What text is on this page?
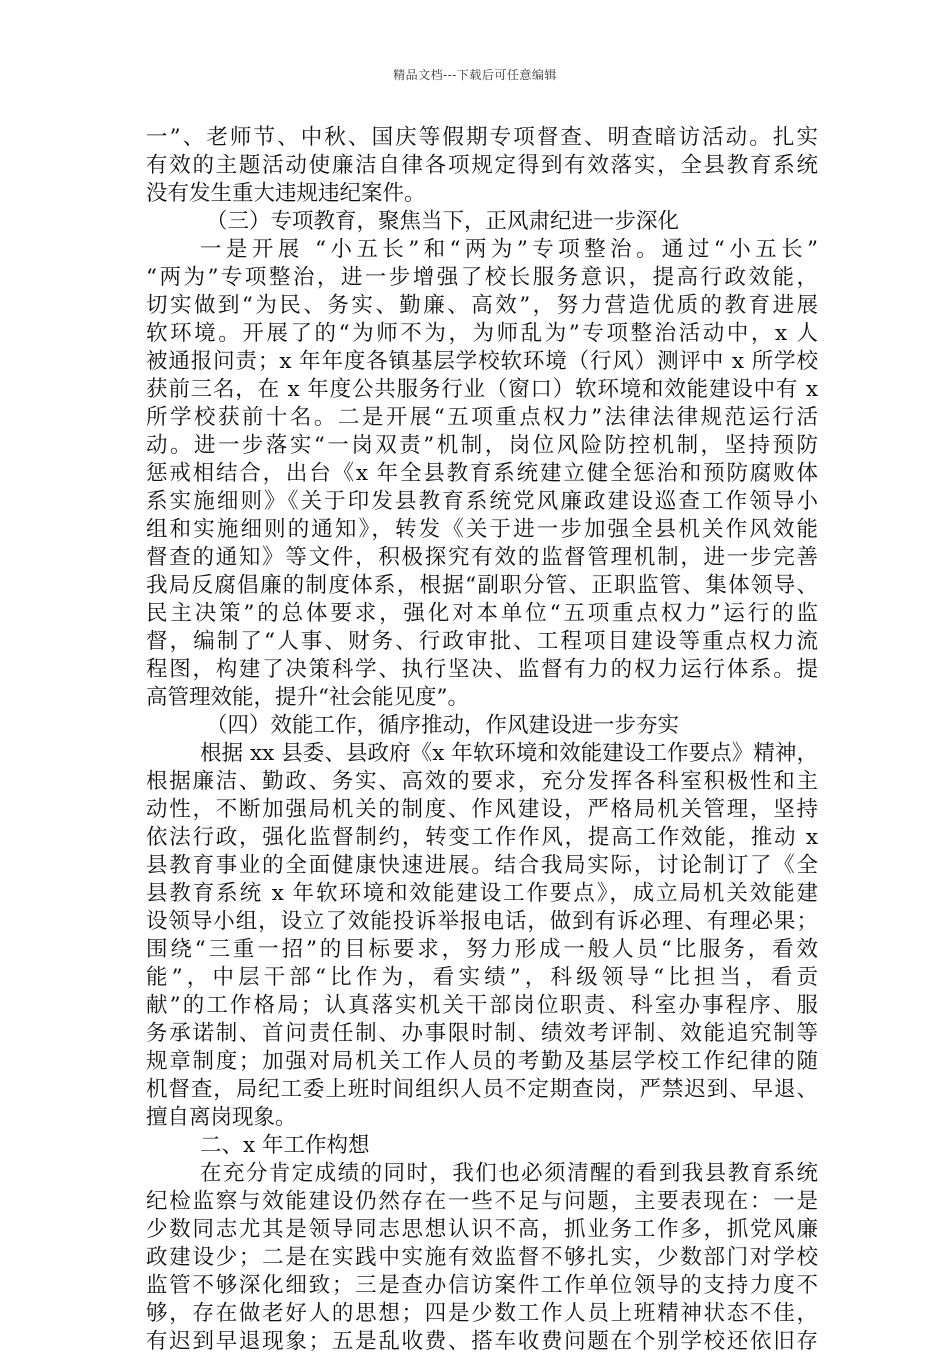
精品文档---下载后可任意编辑
一”、老师节、中秋、国庆等假期专项督查、明查暗访活动。扎实
有效的主题活动使廉洁自律各项规定得到有效落实，全县教育系统
没有发生重大违规违纪案件。
（三）专项教育，聚焦当下，正风肃纪进一步深化
一是开展 “小五长”和“两为”专项整治。通过“小五长”
“两为”专项整治，进一步增强了校长服务意识，提高行政效能，
切实做到“为民、务实、勤廉、高效”，努力营造优质的教育进展
软环境。开展了的“为师不为，为师乱为”专项整治活动中，x 人
被通报问责；x 年年度各镇基层学校软环境（行风）测评中 x 所学校
获前三名，在 x 年度公共服务行业（窗口）软环境和效能建设中有 x
所学校获前十名。二是开展“五项重点权力”法律法律规范运行活
动。进一步落实“一岗双责”机制，岗位风险防控机制，坚持预防
惩戒相结合，出台《x 年全县教育系统建立健全惩治和预防腐败体
系实施细则》《关于印发县教育系统党风廉政建设巡查工作领导小
组和实施细则的通知》，转发《关于进一步加强全县机关作风效能
督查的通知》等文件，积极探究有效的监督管理机制，进一步完善
我局反腐倡廉的制度体系，根据“副职分管、正职监管、集体领导、
民主决策”的总体要求，强化对本单位“五项重点权力”运行的监
督，编制了“人事、财务、行政审批、工程项目建设等重点权力流
程图，构建了决策科学、执行坚决、监督有力的权力运行体系。提
高管理效能，提升“社会能见度”。
（四）效能工作，循序推动，作风建设进一步夯实
根据 xx 县委、县政府《x 年软环境和效能建设工作要点》精神，
根据廉洁、勤政、务实、高效的要求，充分发挥各科室积极性和主
动性，不断加强局机关的制度、作风建设，严格局机关管理，坚持
依法行政，强化监督制约，转变工作作风，提高工作效能，推动 x
县教育事业的全面健康快速进展。结合我局实际，讨论制订了《全
县教育系统 x 年软环境和效能建设工作要点》，成立局机关效能建
设领导小组，设立了效能投诉举报电话，做到有诉必理、有理必果；
围绕“三重一招”的目标要求，努力形成一般人员“比服务，看效
能”，中层干部“比作为，看实绩”，科级领导“比担当，看贡
献”的工作格局；认真落实机关干部岗位职责、科室办事程序、服
务承诺制、首问责任制、办事限时制、绩效考评制、效能追究制等
规章制度；加强对局机关工作人员的考勤及基层学校工作纪律的随
机督查，局纪工委上班时间组织人员不定期查岗，严禁迟到、早退、
擅自离岗现象。
二、x 年工作构想
在充分肯定成绩的同时，我们也必须清醒的看到我县教育系统
纪检监察与效能建设仍然存在一些不足与问题，主要表现在：一是
少数同志尤其是领导同志思想认识不高，抓业务工作多，抓党风廉
政建设少；二是在实践中实施有效监督不够扎实，少数部门对学校
监管不够深化细致；三是查办信访案件工作单位领导的支持力度不
够，存在做老好人的思想；四是少数工作人员上班精神状态不佳，
有迟到早退现象；五是乱收费、搭车收费问题在个别学校还依旧存
